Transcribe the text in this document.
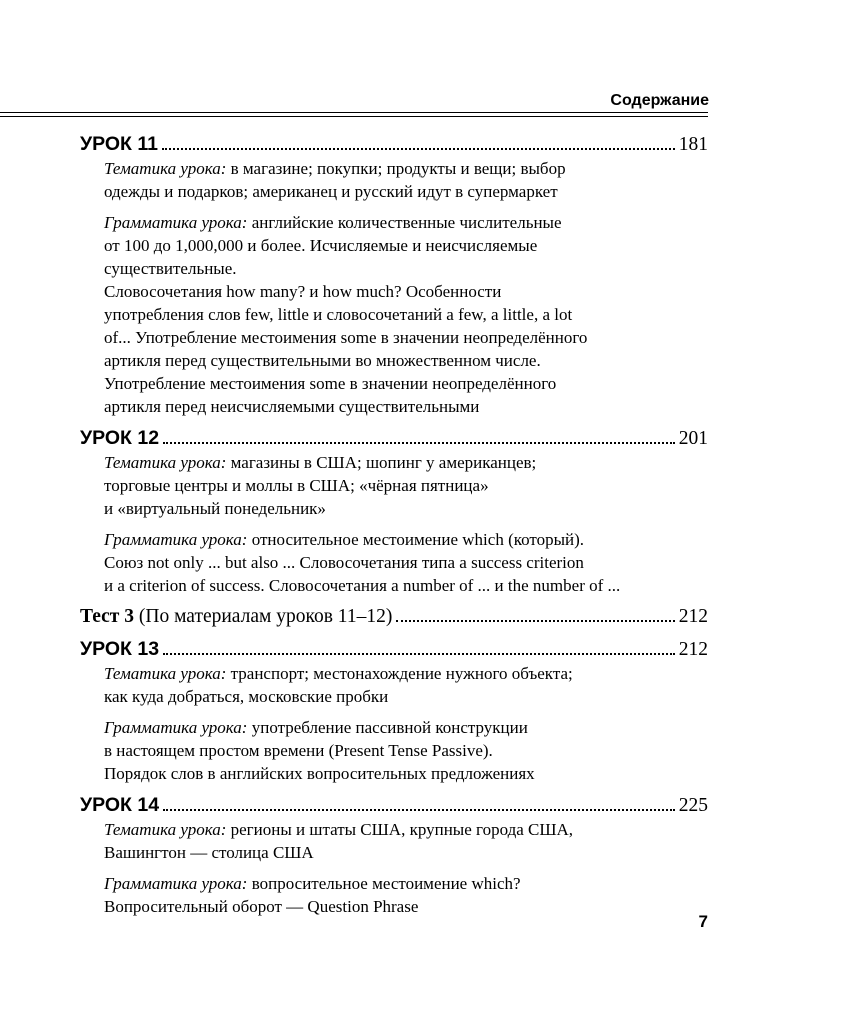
Содержание
УРОК 11	181
Тематика урока: в магазине; покупки; продукты и вещи; выбор
одежды и подарков; американец и русский идут в супермаркет
Грамматика урока: английские количественные числительные
от 100 до 1,000,000 и более. Исчисляемые и неисчисляемые
существительные.
Словосочетания how many? и how much? Особенности
употребления слов few, little и словосочетаний a few, a little, a lot
of... Употребление местоимения some в значении неопределённого
артикля перед существительными во множественном числе.
Употребление местоимения some в значении неопределённого
артикля перед неисчисляемыми существительными
УРОК 12	201
Тематика урока: магазины в США; шопинг у американцев;
торговые центры и моллы в США; «чёрная пятница»
и «виртуальный понедельник»
Грамматика урока: относительное местоимение which (который).
Союз not only ... but also ... Словосочетания типа a success criterion
и a criterion of success. Словосочетания a number of ... и the number of ...
Тест 3
(По материалам уроков 11–12)	212
УРОК 13	212
Тематика урока: транспорт; местонахождение нужного объекта;
как куда добраться, московские пробки
Грамматика урока: употребление пассивной конструкции
в настоящем простом времени (Present Tense Passive).
Порядок слов в английских вопросительных предложениях
УРОК 14	225
Тематика урока: регионы и штаты США, крупные города США,
Вашингтон — столица США
Грамматика урока: вопросительное местоимение which?
Вопросительный оборот — Question Phrase
7
